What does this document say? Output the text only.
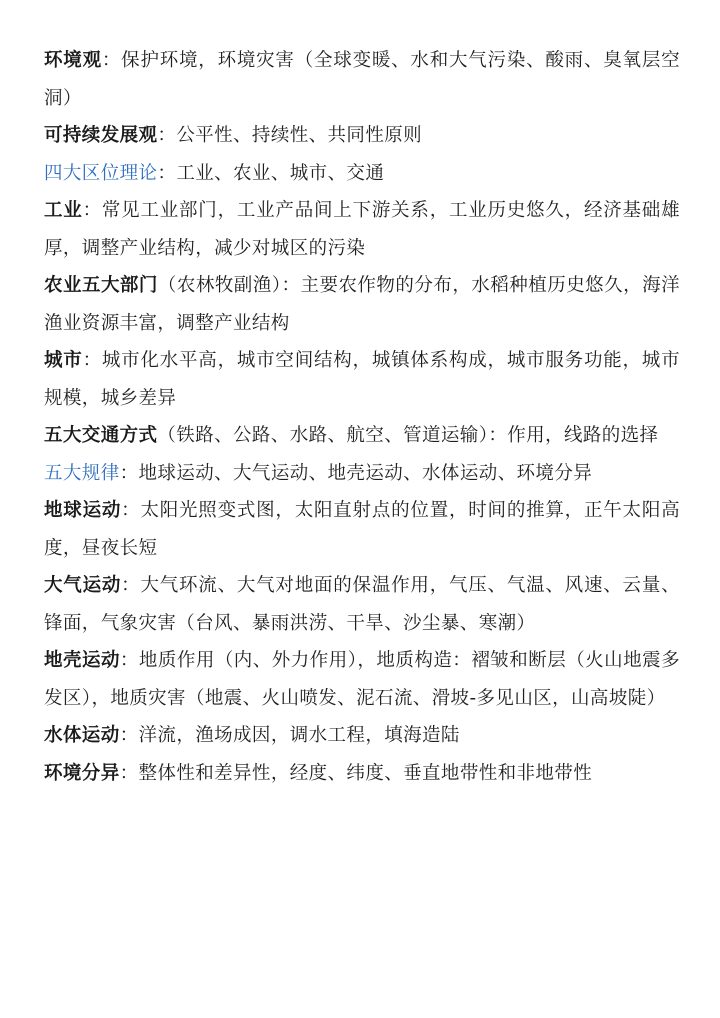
环境观：保护环境，环境灾害（全球变暖、水和大气污染、酸雨、臭氧层空洞）

可持续发展观：公平性、持续性、共同性原则

四大区位理论：工业、农业、城市、交通

工业：常见工业部门，工业产品间上下游关系，工业历史悠久，经济基础雄厚，调整产业结构，减少对城区的污染

农业五大部门（农林牧副渔）：主要农作物的分布，水稻种植历史悠久，海洋渔业资源丰富，调整产业结构

城市：城市化水平高，城市空间结构，城镇体系构成，城市服务功能，城市规模，城乡差异

五大交通方式（铁路、公路、水路、航空、管道运输）：作用，线路的选择

五大规律：地球运动、大气运动、地壳运动、水体运动、环境分异

地球运动：太阳光照变式图，太阳直射点的位置，时间的推算，正午太阳高度，昼夜长短

大气运动：大气环流、大气对地面的保温作用，气压、气温、风速、云量、锋面，气象灾害（台风、暴雨洪涝、干旱、沙尘暴、寒潮）

地壳运动：地质作用（内、外力作用），地质构造：褶皱和断层（火山地震多发区），地质灾害（地震、火山喷发、泥石流、滑坡-多见山区，山高坡陡）

水体运动：洋流，渔场成因，调水工程，填海造陆

环境分异：整体性和差异性，经度、纬度、垂直地带性和非地带性
